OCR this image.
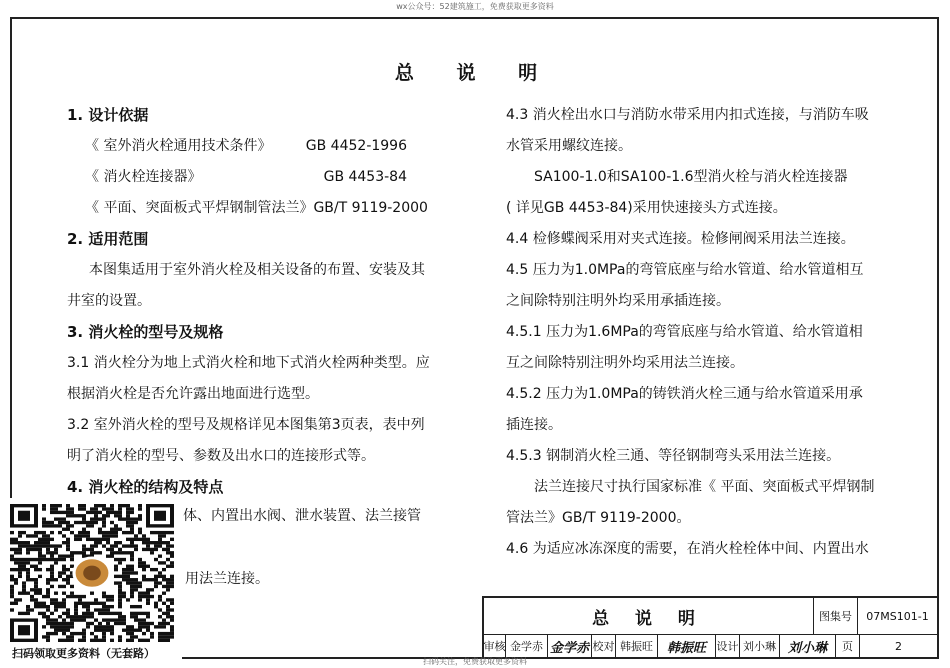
wx公众号：52建筑施工，免费获取更多资料
总 说 明
1. 设计依据
《 室外消火栓通用技术条件》 GB 4452-1996
《 消火栓连接器》	GB 4453-84
《 平面、突面板式平焊钢制管法兰》 GB/T 9119-2000
2. 适用范围
本图集适用于室外消火栓及相关设备的布置、安装及其
井室的设置。
3. 消火栓的型号及规格
3.1 消火栓分为地上式消火栓和地下式消火栓两种类型。应
根据消火栓是否允许露出地面进行选型。
3.2 室外消火栓的型号及规格详见本图集第3页表，表中列
明了消火栓的型号、参数及出水口的连接形式等。
4. 消火栓的结构及特点
体、内置出水阀、泄水装置、法兰接管
用法兰连接。
4.3 消火栓出水口与消防水带采用内扣式连接，与消防车吸
水管采用螺纹连接。
SA100-1.0和SA100-1.6型消火栓与消火栓连接器
( 详见GB 4453-84)采用快速接头方式连接。
4.4 检修蝶阀采用对夹式连接。检修闸阀采用法兰连接。
4.5 压力为1.0MPa的弯管底座与给水管道、给水管道相互
之间除特别注明外均采用承插连接。
4.5.1 压力为1.6MPa的弯管底座与给水管道、给水管道相
互之间除特别注明外均采用法兰连接。
4.5.2 压力为1.0MPa的铸铁消火栓三通与给水管道采用承
插连接。
4.5.3 钢制消火栓三通、等径钢制弯头采用法兰连接。
法兰连接尺寸执行国家标准《 平面、突面板式平焊钢制
管法兰》GB/T 9119-2000。
4.6 为适应冰冻深度的需要，在消火栓栓体中间、内置出水
扫码领取更多资料（无套路）
总 说 明	图集号	07MS101-1
审核 金学赤 金学赤 校对 韩振旺	韩振旺 设计 刘小琳 刘小琳	页	2
扫码关注，免费获取更多资料
